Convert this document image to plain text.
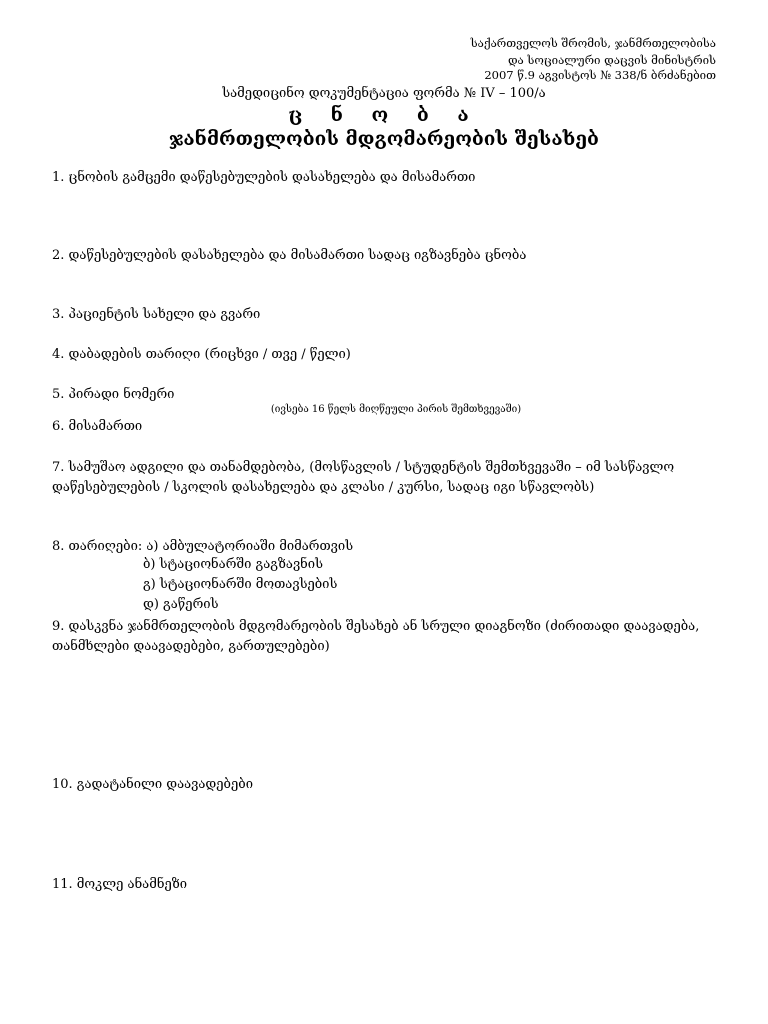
საქართველოს შრომის, ჯანმრთელობისა
და სოციალური დაცვის მინისტრის
2007 წ.9 აგვისტოს № 338/ნ ბრძანებით
სამედიცინო დოკუმენტაცია ფორმა № IV – 100/ა
ც ნ ო ბ ა
ჯანმრთელობის მდგომარეობის შესახებ
1. ცნობის გამცემი დაწესებულების დასახელება და მისამართი
2. დაწესებულების დასახელება და მისამართი სადაც იგზავნება ცნობა
3. პაციენტის სახელი და გვარი
4. დაბადების თარიღი (რიცხვი / თვე / წელი)
5. პირადი ნომერი
(ივსება 16 წელს მიღწეული პირის შემთხვევაში)
6. მისამართი
7. სამუშაო ადგილი და თანამდებობა, (მოსწავლის / სტუდენტის შემთხვევაში – იმ სასწავლო
დაწესებულების / სკოლის დასახელება და კლასი / კურსი, სადაც იგი სწავლობს)
8. თარიღები: ა) ამბულატორიაში მიმართვის
ბ) სტაციონარში გაგზავნის
გ) სტაციონარში მოთავსების
დ) გაწერის
9. დასკვნა ჯანმრთელობის მდგომარეობის შესახებ ან სრული დიაგნოზი (ძირითადი დაავადება,
თანმხლები დაავადებები, გართულებები)
10. გადატანილი დაავადებები
11. მოკლე ანამნეზი
